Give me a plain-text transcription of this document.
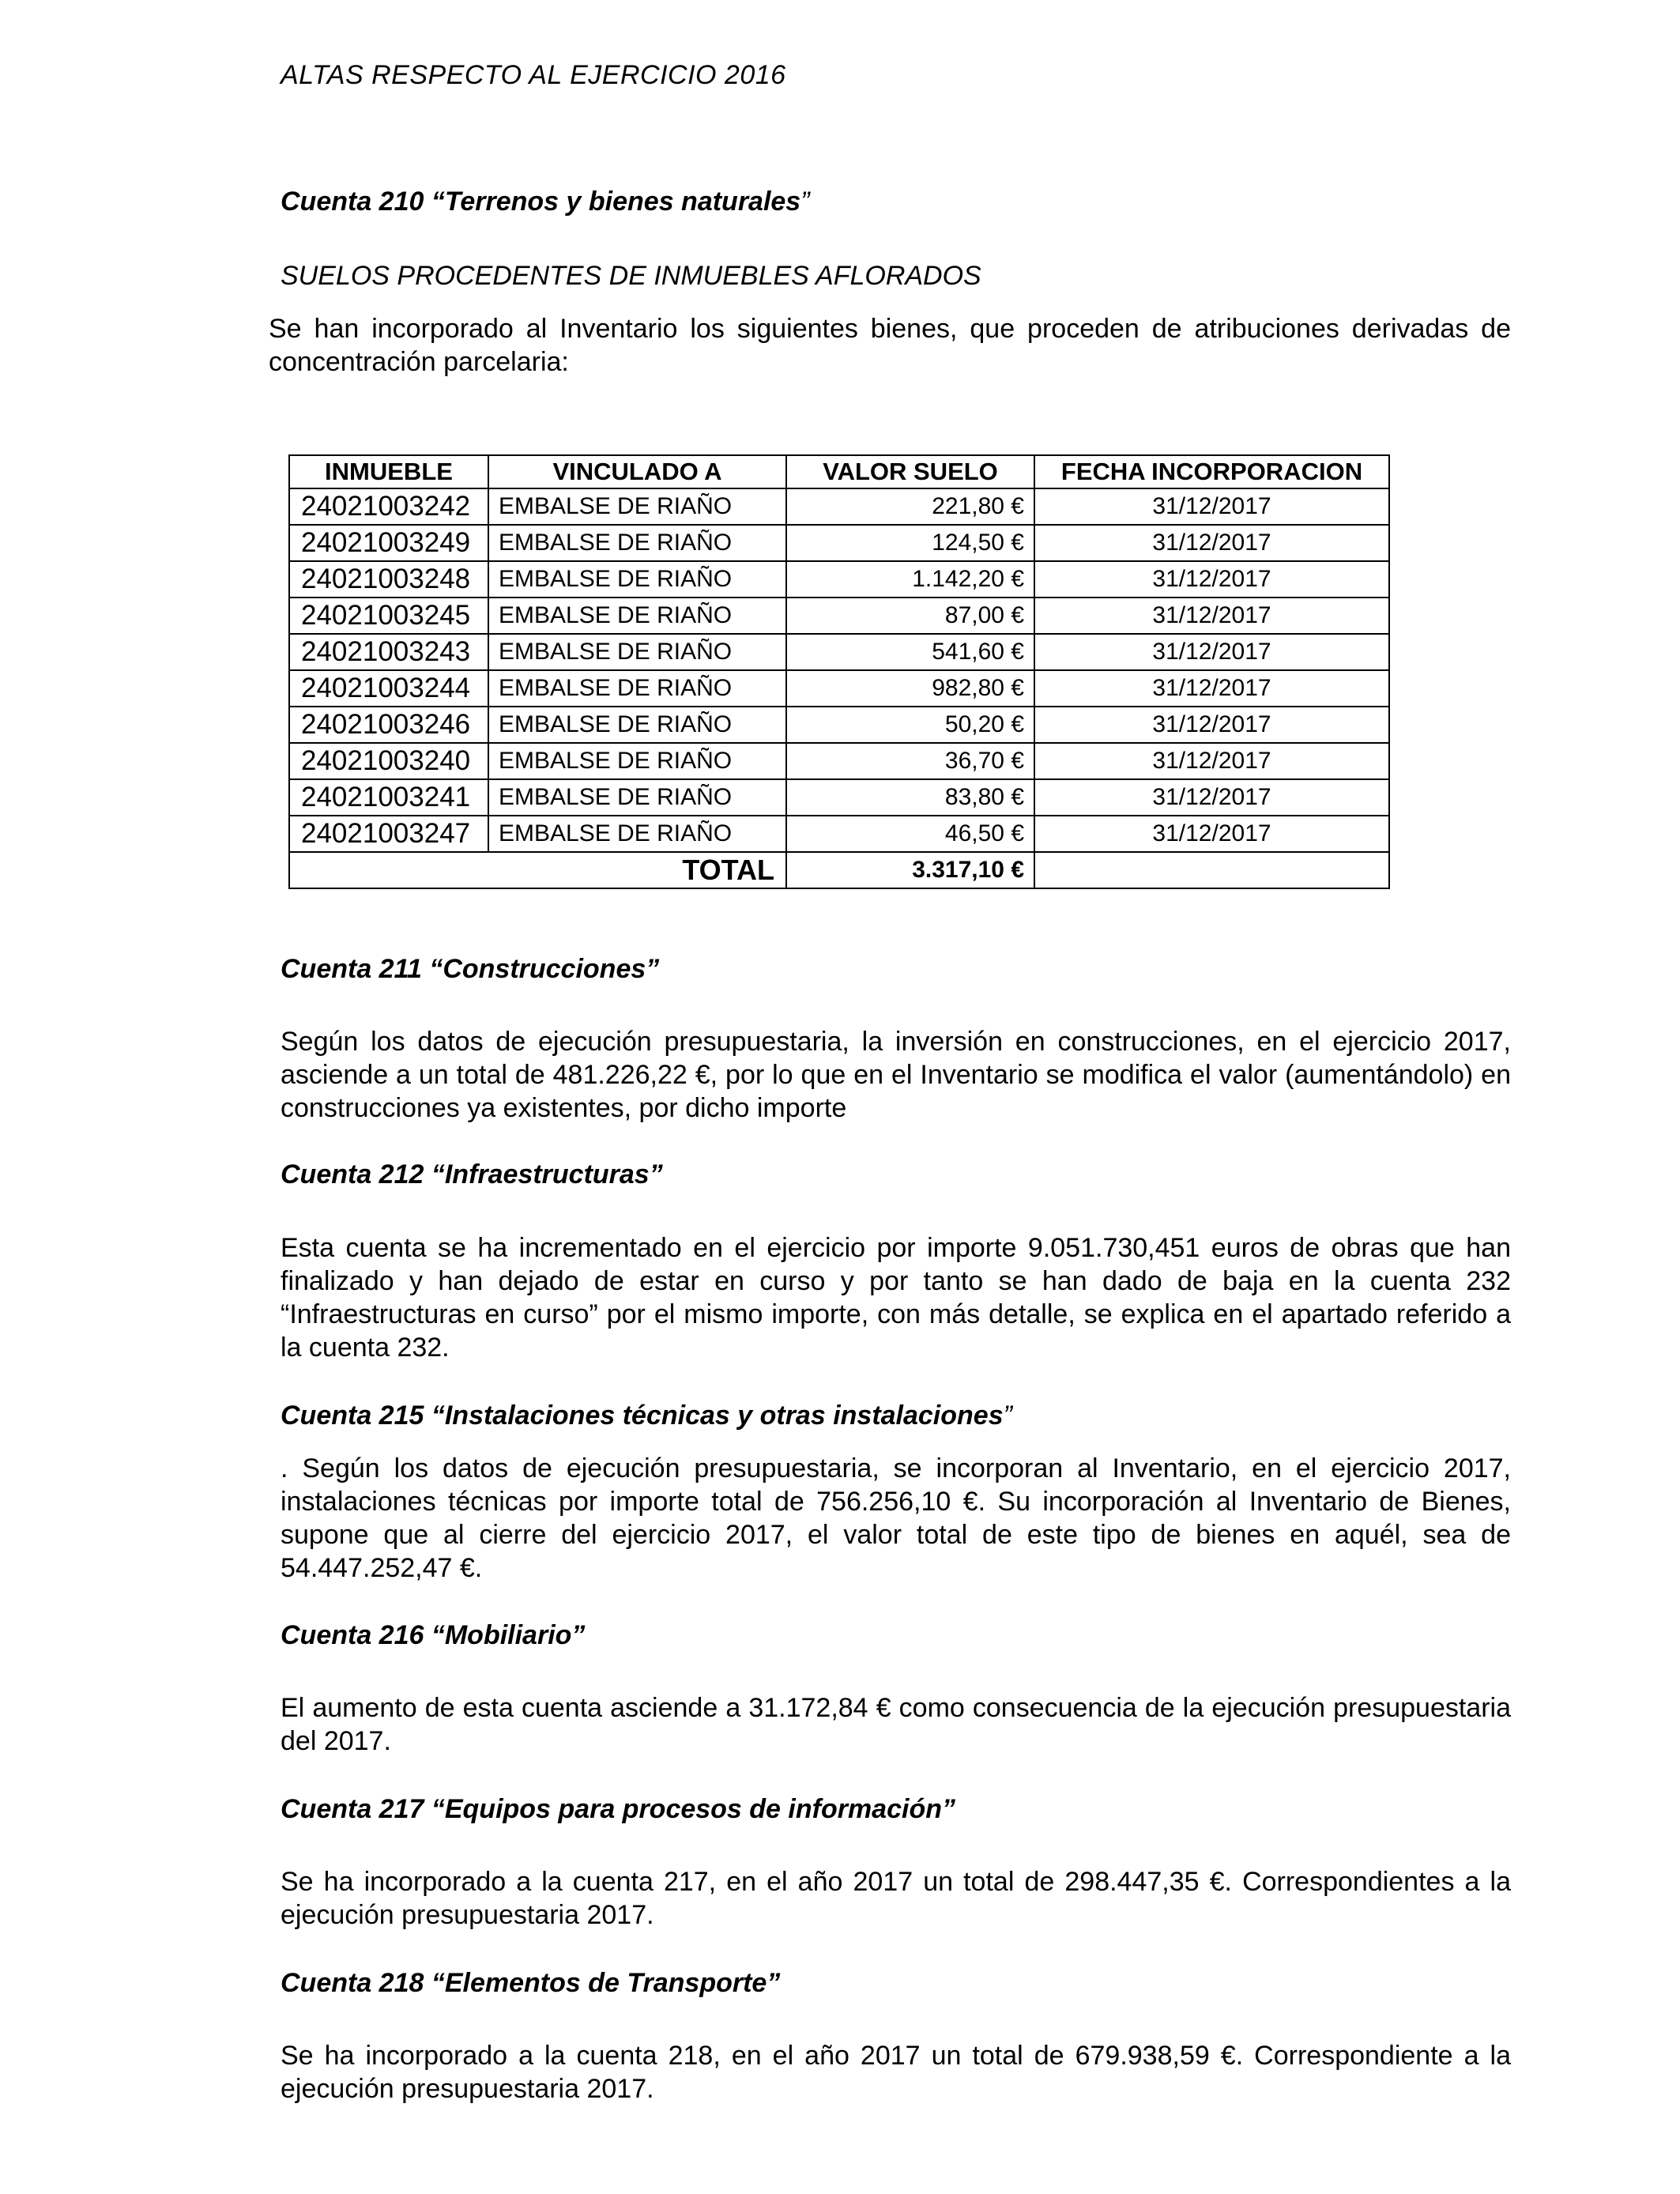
ALTAS RESPECTO AL EJERCICIO 2016
Cuenta 210 “Terrenos y bienes naturales”
SUELOS PROCEDENTES DE INMUEBLES AFLORADOS
Se han incorporado al Inventario los siguientes bienes, que proceden de atribuciones derivadas de concentración parcelaria:
INMUEBLE	VINCULADO A	VALOR SUELO	FECHA INCORPORACION
24021003242	EMBALSE DE RIAÑO	221,80 €	31/12/2017
24021003249	EMBALSE DE RIAÑO	124,50 €	31/12/2017
24021003248	EMBALSE DE RIAÑO	1.142,20 €	31/12/2017
24021003245	EMBALSE DE RIAÑO	87,00 €	31/12/2017
24021003243	EMBALSE DE RIAÑO	541,60 €	31/12/2017
24021003244	EMBALSE DE RIAÑO	982,80 €	31/12/2017
24021003246	EMBALSE DE RIAÑO	50,20 €	31/12/2017
24021003240	EMBALSE DE RIAÑO	36,70 €	31/12/2017
24021003241	EMBALSE DE RIAÑO	83,80 €	31/12/2017
24021003247	EMBALSE DE RIAÑO	46,50 €	31/12/2017
TOTAL		3.317,10 €	
Cuenta 211 “Construcciones”
Según los datos de ejecución presupuestaria, la inversión en construcciones, en el ejercicio 2017, asciende a un total de 481.226,22 €, por lo que en el Inventario se modifica el valor (aumentándolo) en construcciones ya existentes, por dicho importe
Cuenta 212 “Infraestructuras”
Esta cuenta se ha incrementado en el ejercicio por importe 9.051.730,451 euros de obras que han finalizado y han dejado de estar en curso y por tanto se han dado de baja en la cuenta 232 “Infraestructuras en curso” por el mismo importe, con más detalle, se explica en el apartado referido a la cuenta 232.
Cuenta 215 “Instalaciones técnicas y otras instalaciones”
. Según los datos de ejecución presupuestaria, se incorporan al Inventario, en el ejercicio 2017, instalaciones técnicas por importe total de 756.256,10 €. Su incorporación al Inventario de Bienes, supone que al cierre del ejercicio 2017, el valor total de este tipo de bienes en aquél, sea de 54.447.252,47 €.
Cuenta 216 “Mobiliario”
El aumento de esta cuenta asciende a 31.172,84 € como consecuencia de la ejecución presupuestaria del 2017.
Cuenta 217 “Equipos para procesos de información”
Se ha incorporado a la cuenta 217, en el año 2017 un total de 298.447,35 €. Correspondientes a la ejecución presupuestaria 2017.
Cuenta 218 “Elementos de Transporte”
Se ha incorporado a la cuenta 218, en el año 2017 un total de 679.938,59 €. Correspondiente a la ejecución presupuestaria 2017.
